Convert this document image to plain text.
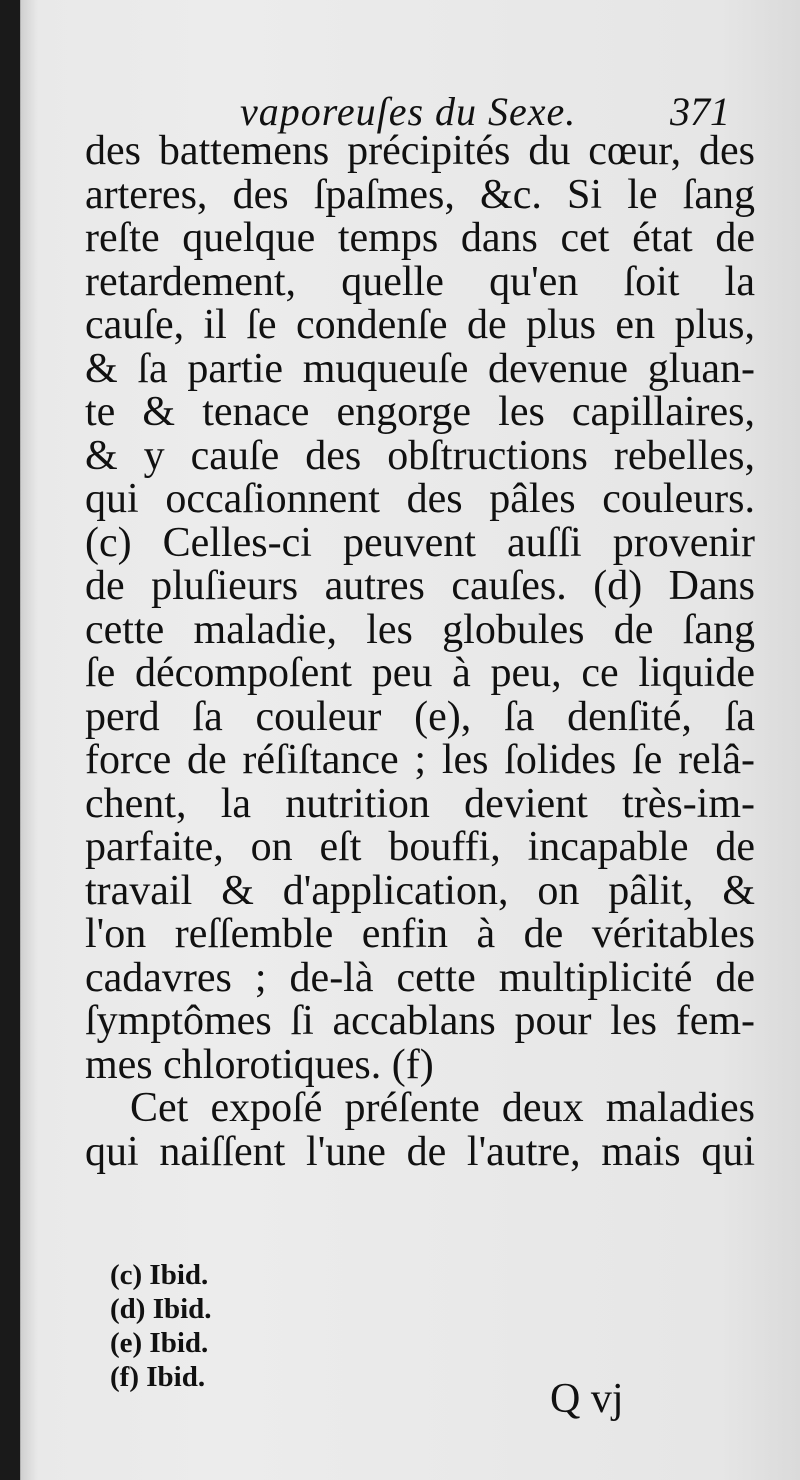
vaporeuſes du Sexe. 371
des battemens précipités du cœur, des
arteres, des ſpaſmes, &c. Si le ſang
reſte quelque temps dans cet état de
retardement, quelle qu'en ſoit la
cauſe, il ſe condenſe de plus en plus,
& ſa partie muqueuſe devenue gluan-
te & tenace engorge les capillaires,
& y cauſe des obſtructions rebelles,
qui occaſionnent des pâles couleurs.
(c) Celles-ci peuvent auſſi provenir
de pluſieurs autres cauſes. (d) Dans
cette maladie, les globules de ſang
ſe décompoſent peu à peu, ce liquide
perd ſa couleur (e), ſa denſité, ſa
force de réſiſtance ; les ſolides ſe relâ-
chent, la nutrition devient très-im-
parfaite, on eſt bouffi, incapable de
travail & d'application, on pâlit, &
l'on reſſemble enfin à de véritables
cadavres ; de-là cette multiplicité de
ſymptômes ſi accablans pour les fem-
mes chlorotiques. (f)
Cet expoſé préſente deux maladies
qui naiſſent l'une de l'autre, mais qui
(c) Ibid.
(d) Ibid.
(e) Ibid.
(f) Ibid.	Q vj
